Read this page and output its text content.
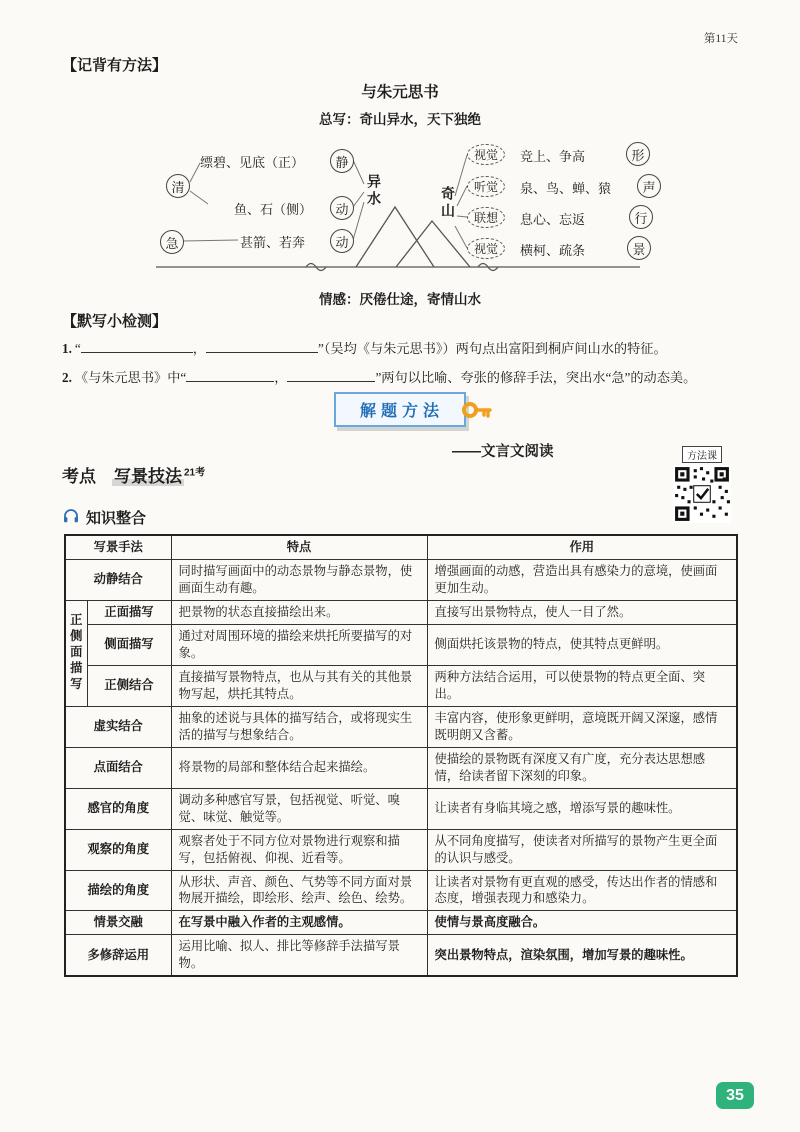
第11天
【记背有方法】
与朱元思书
总写：奇山异水，天下独绝
清
急
缥碧、见底（正）	静
鱼、石（侧）	动
甚箭、若奔	动
异水	奇山
视觉	竞上、争高	形
听觉	泉、鸟、蝉、猿	声
联想	息心、忘返	行
视觉	横柯、疏条	景
情感：厌倦仕途，寄情山水
【默写小检测】
1. “	，	”（吴均《与朱元思书》）两句点出富阳到桐庐间山水的特征。
2. 《与朱元思书》中“	，	”两句以比喻、夸张的修辞手法，突出水“急”的动态美。
解题方法
——文言文阅读
考点 写景技法 $^{21考}$
方法课
知识整合
写景手法		特点	作用
动静结合		同时描写画面中的动态景物与静态景物，使画面生动有趣。	增强画面的动感，营造出具有感染力的意境，使画面更加生动。
正侧面描写	正面描写	把景物的状态直接描绘出来。	直接写出景物特点，使人一目了然。
	侧面描写	通过对周围环境的描绘来烘托所要描写的对象。	侧面烘托该景物的特点，使其特点更鲜明。
	正侧结合	直接描写景物特点，也从与其有关的其他景物写起，烘托其特点。	两种方法结合运用，可以使景物的特点更全面、突出。
虚实结合		抽象的述说与具体的描写结合，或将现实生活的描写与想象结合。	丰富内容，使形象更鲜明，意境既开阔又深邃，感情既明朗又含蓄。
点面结合		将景物的局部和整体结合起来描绘。	使描绘的景物既有深度又有广度，充分表达思想感情，给读者留下深刻的印象。
感官的角度		调动多种感官写景，包括视觉、听觉、嗅觉、味觉、触觉等。	让读者有身临其境之感，增添写景的趣味性。
观察的角度		观察者处于不同方位对景物进行观察和描写，包括俯视、仰视、近看等。	从不同角度描写，使读者对所描写的景物产生更全面的认识与感受。
描绘的角度		从形状、声音、颜色、气势等不同方面对景物展开描绘，即绘形、绘声、绘色、绘势。	让读者对景物有更直观的感受，传达出作者的情感和态度，增强表现力和感染力。
情景交融		在写景中融入作者的主观感情。	使情与景高度融合。
多修辞运用		运用比喻、拟人、排比等修辞手法描写景物。	突出景物特点，渲染氛围，增加写景的趣味性。
35
